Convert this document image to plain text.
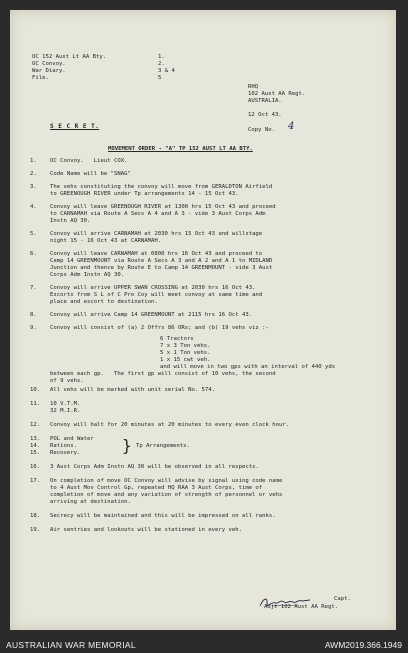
OC 152 Aust Lt AA Bty.	1.
OC Convoy.	2.
War Diary.	3 & 4
File.	5
RHQ
102 Aust AA Regt.
AUSTRALIA.
12 Oct 43.
Copy No. 4
S E C R E T.
MOVEMENT ORDER - "A" TP 152 AUST LT AA BTY.
1. OC Convoy.   Lieut COX.
2. Code Name will be "SNAG"
3. The vehs constituting the convoy will move from GERALDTON Airfield
to GREENOUGH RIVER under Tp arrangements 14 - 15 Oct 43.
4. Convoy will leave GREENOUGH RIVER at 1300 hrs 15 Oct 43 and proceed
to CARNAMAH via Route A Secs A 4 and A 3 - vide 3 Aust Corps Adm
Instn AQ 30.
5. Convoy will arrive CARNAMAH at 2030 hrs 15 Oct 43 and willstage
night 15 - 16 Oct 43 at CARNAMAH.
6. Convoy will leave CARNAMAH at 0800 hrs 16 Oct 43 and proceed to
Camp 14 GREENMOUNT via Route A Secs A 3 and A 2 and A 1 to MIDLAND
Junction and thence by Route E to Camp 14 GREENMOUNT - vide 3 Aust
Corps Adm Instn AQ 30.
7. Convoy will arrive UPPER SWAN CROSSING at 2030 hrs 16 Oct 43.
Escorts from S L of C Pro Coy will meet convoy at same time and
place and escort to destination.
8. Convoy will arrive Camp 14 GREENMOUNT at 2115 hrs 16 Oct 43.
9. Convoy will consist of (a) 2 Offrs 86 ORs; and (b) 19 vehs viz :-
6 Tractors
7 x 3 Ton vehs.
5 x 1 Ton vehs.
1 x 15 cwt veh.
and will move in two gps with an interval of 440 yds
between each gp.   The first gp will consist of 10 vehs, the second
of 9 vehs.
10. All vehs will be marked with unit serial No. 574.
11. 10 V.T.M.
32 M.I.R.
12. Convoy will halt for 20 minutes at 20 minutes to every even clock hour.
13. POL and Water
14. Rations.
15. Recovery.	} Tp Arrangements.
16. 3 Aust Corps Adm Instn AQ 30 will be observed in all respects.
17. On completion of move OC Convoy will advise by signal using code name
to 4 Aust Mov Control Gp, repeated HQ RAA 3 Aust Corps, time of
completion of move and any variation of strength of personnel or vehs
arriving at destination.
18. Secrecy will be maintained and this will be impressed on all ranks.
19. Air sentries and lookouts will be stationed in every veh.
Capt.
Adjt 102 Aust AA Regt.
AUSTRALIAN WAR MEMORIAL	AWM2019.366.1949
